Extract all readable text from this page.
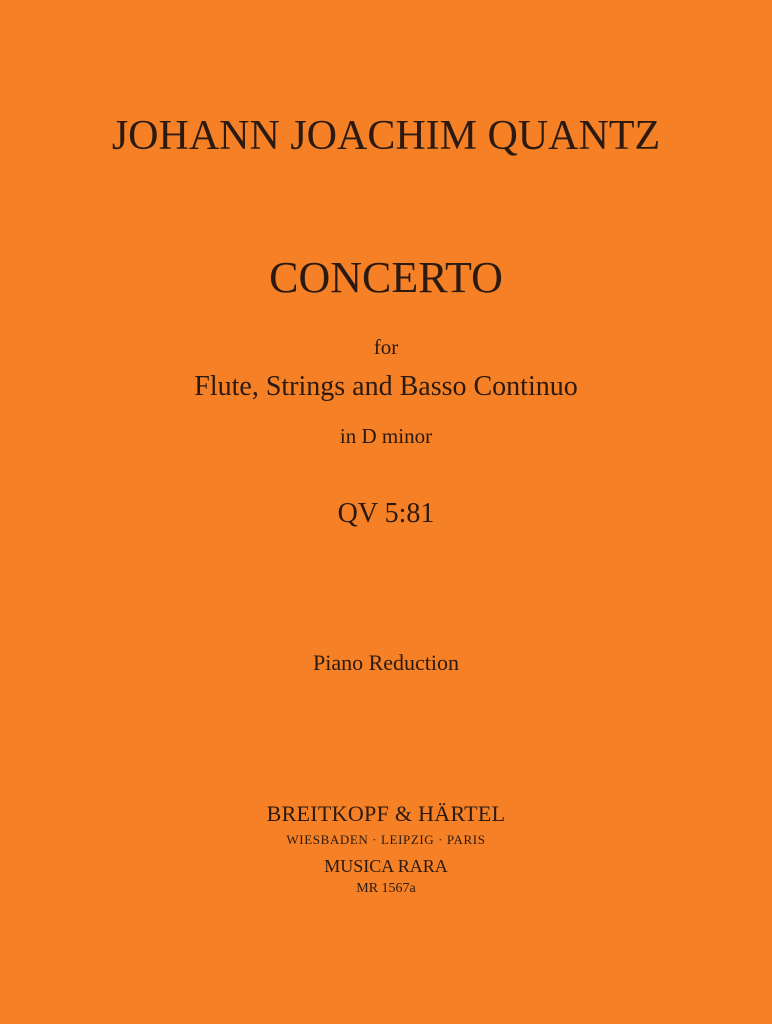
JOHANN JOACHIM QUANTZ
CONCERTO
for
Flute, Strings and Basso Continuo
in D minor
QV 5:81
Piano Reduction
BREITKOPF & HÄRTEL
WIESBADEN · LEIPZIG · PARIS
MUSICA RARA
MR 1567a
